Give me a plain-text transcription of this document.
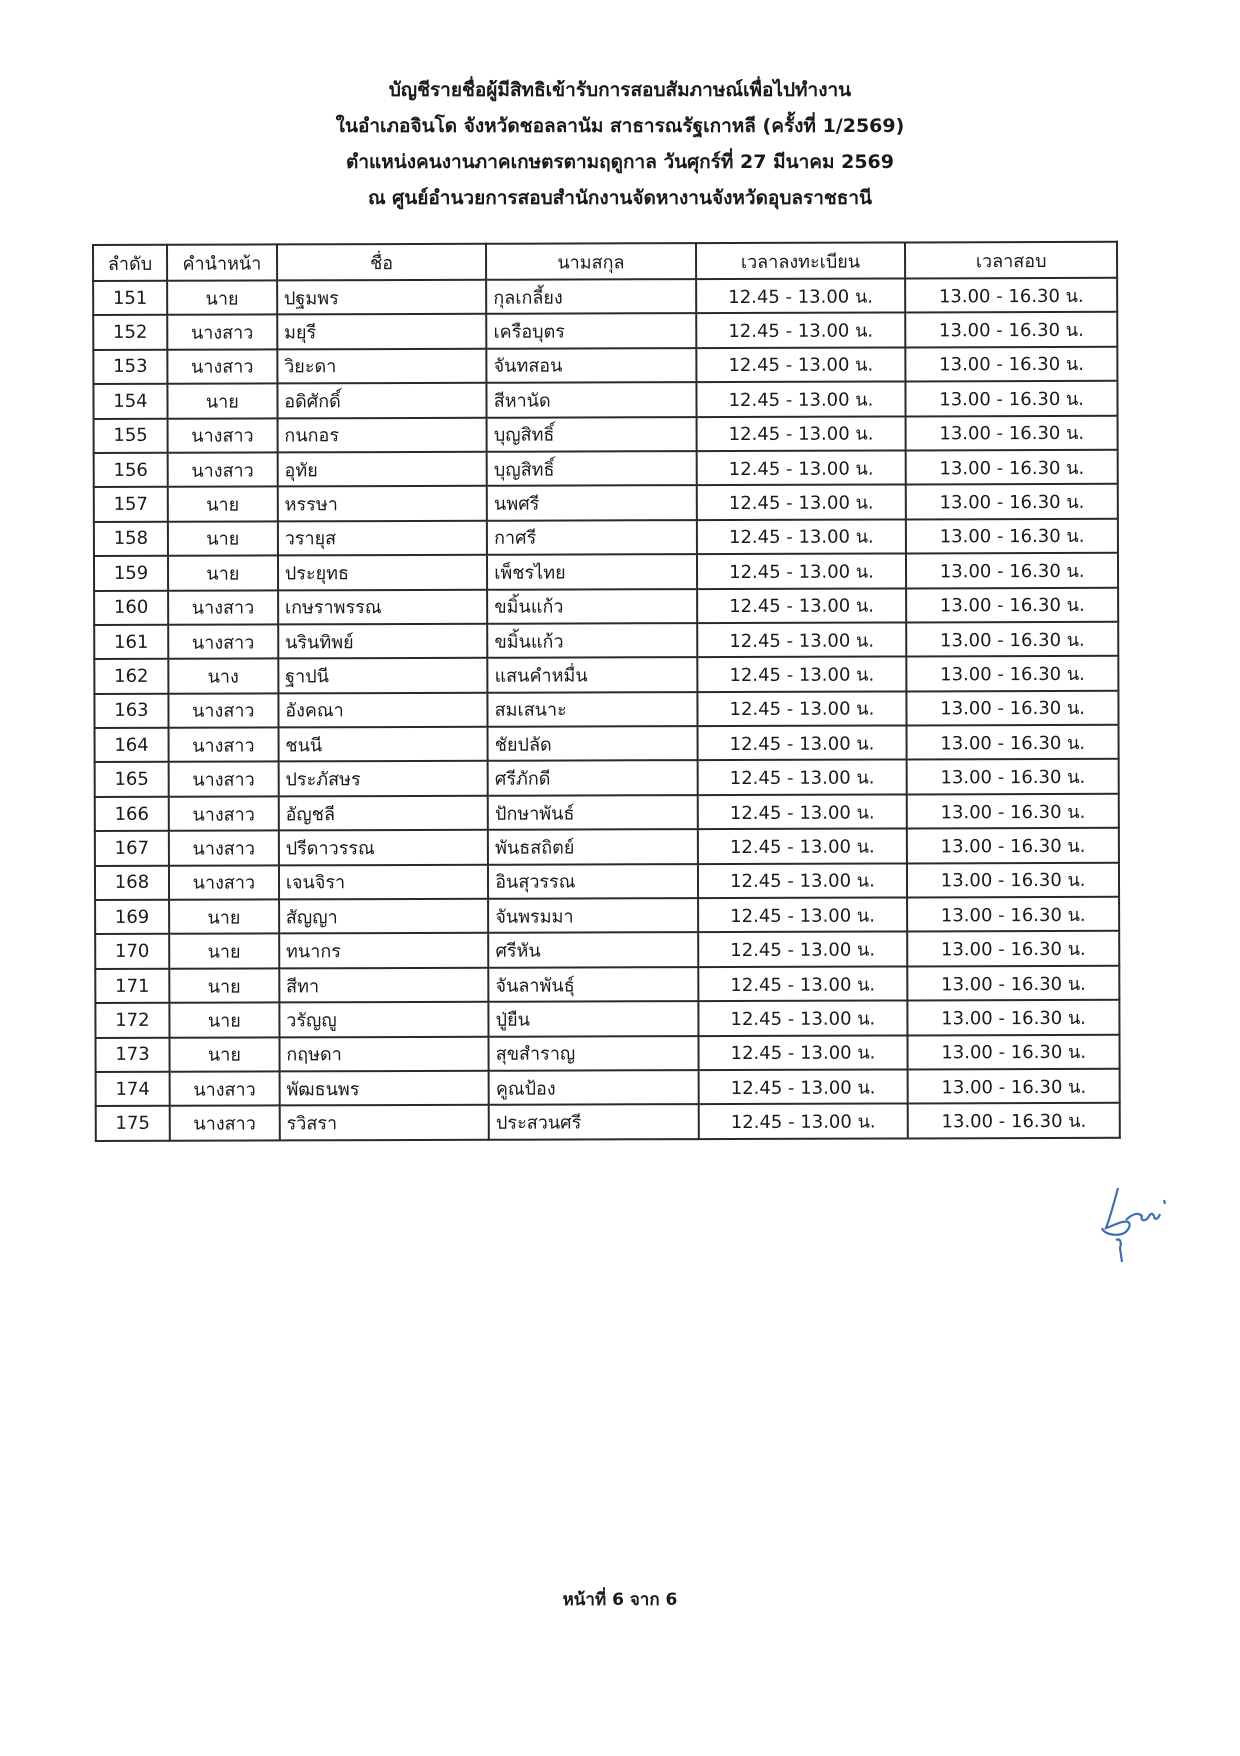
บัญชีรายชื่อผู้มีสิทธิเข้ารับการสอบสัมภาษณ์เพื่อไปทำงาน
ในอำเภอจินโด จังหวัดชอลลานัม สาธารณรัฐเกาหลี (ครั้งที่ 1/2569)
ตำแหน่งคนงานภาคเกษตรตามฤดูกาล วันศุกร์ที่ 27 มีนาคม 2569
ณ ศูนย์อำนวยการสอบสำนักงานจัดหางานจังหวัดอุบลราชธานี
ลำดับ	คำนำหน้า	ชื่อ	นามสกุล	เวลาลงทะเบียน	เวลาสอบ
151	นาย	ปฐมพร	กุลเกลี้ยง	12.45 - 13.00 น.	13.00 - 16.30 น.
152	นางสาว	มยุรี	เครือบุตร	12.45 - 13.00 น.	13.00 - 16.30 น.
153	นางสาว	วิยะดา	จันทสอน	12.45 - 13.00 น.	13.00 - 16.30 น.
154	นาย	อดิศักดิ์	สีหานัด	12.45 - 13.00 น.	13.00 - 16.30 น.
155	นางสาว	กนกอร	บุญสิทธิ์	12.45 - 13.00 น.	13.00 - 16.30 น.
156	นางสาว	อุทัย	บุญสิทธิ์	12.45 - 13.00 น.	13.00 - 16.30 น.
157	นาย	หรรษา	นพศรี	12.45 - 13.00 น.	13.00 - 16.30 น.
158	นาย	วรายุส	กาศรี	12.45 - 13.00 น.	13.00 - 16.30 น.
159	นาย	ประยุทธ	เพ็ชรไทย	12.45 - 13.00 น.	13.00 - 16.30 น.
160	นางสาว	เกษราพรรณ	ขมิ้นแก้ว	12.45 - 13.00 น.	13.00 - 16.30 น.
161	นางสาว	นรินทิพย์	ขมิ้นแก้ว	12.45 - 13.00 น.	13.00 - 16.30 น.
162	นาง	ฐาปนี	แสนคำหมื่น	12.45 - 13.00 น.	13.00 - 16.30 น.
163	นางสาว	อังคณา	สมเสนาะ	12.45 - 13.00 น.	13.00 - 16.30 น.
164	นางสาว	ชนนี	ชัยปลัด	12.45 - 13.00 น.	13.00 - 16.30 น.
165	นางสาว	ประภัสษร	ศรีภักดี	12.45 - 13.00 น.	13.00 - 16.30 น.
166	นางสาว	อัญชลี	ปักษาพันธ์	12.45 - 13.00 น.	13.00 - 16.30 น.
167	นางสาว	ปรีดาวรรณ	พันธสถิตย์	12.45 - 13.00 น.	13.00 - 16.30 น.
168	นางสาว	เจนจิรา	อินสุวรรณ	12.45 - 13.00 น.	13.00 - 16.30 น.
169	นาย	สัญญา	จันพรมมา	12.45 - 13.00 น.	13.00 - 16.30 น.
170	นาย	ทนากร	ศรีหัน	12.45 - 13.00 น.	13.00 - 16.30 น.
171	นาย	สีทา	จันลาพันธุ์	12.45 - 13.00 น.	13.00 - 16.30 น.
172	นาย	วรัญญู	ปู่ยืน	12.45 - 13.00 น.	13.00 - 16.30 น.
173	นาย	กฤษดา	สุขสำราญ	12.45 - 13.00 น.	13.00 - 16.30 น.
174	นางสาว	พัฒธนพร	คูณป้อง	12.45 - 13.00 น.	13.00 - 16.30 น.
175	นางสาว	รวิสรา	ประสวนศรี	12.45 - 13.00 น.	13.00 - 16.30 น.
หน้าที่ 6 จาก 6
